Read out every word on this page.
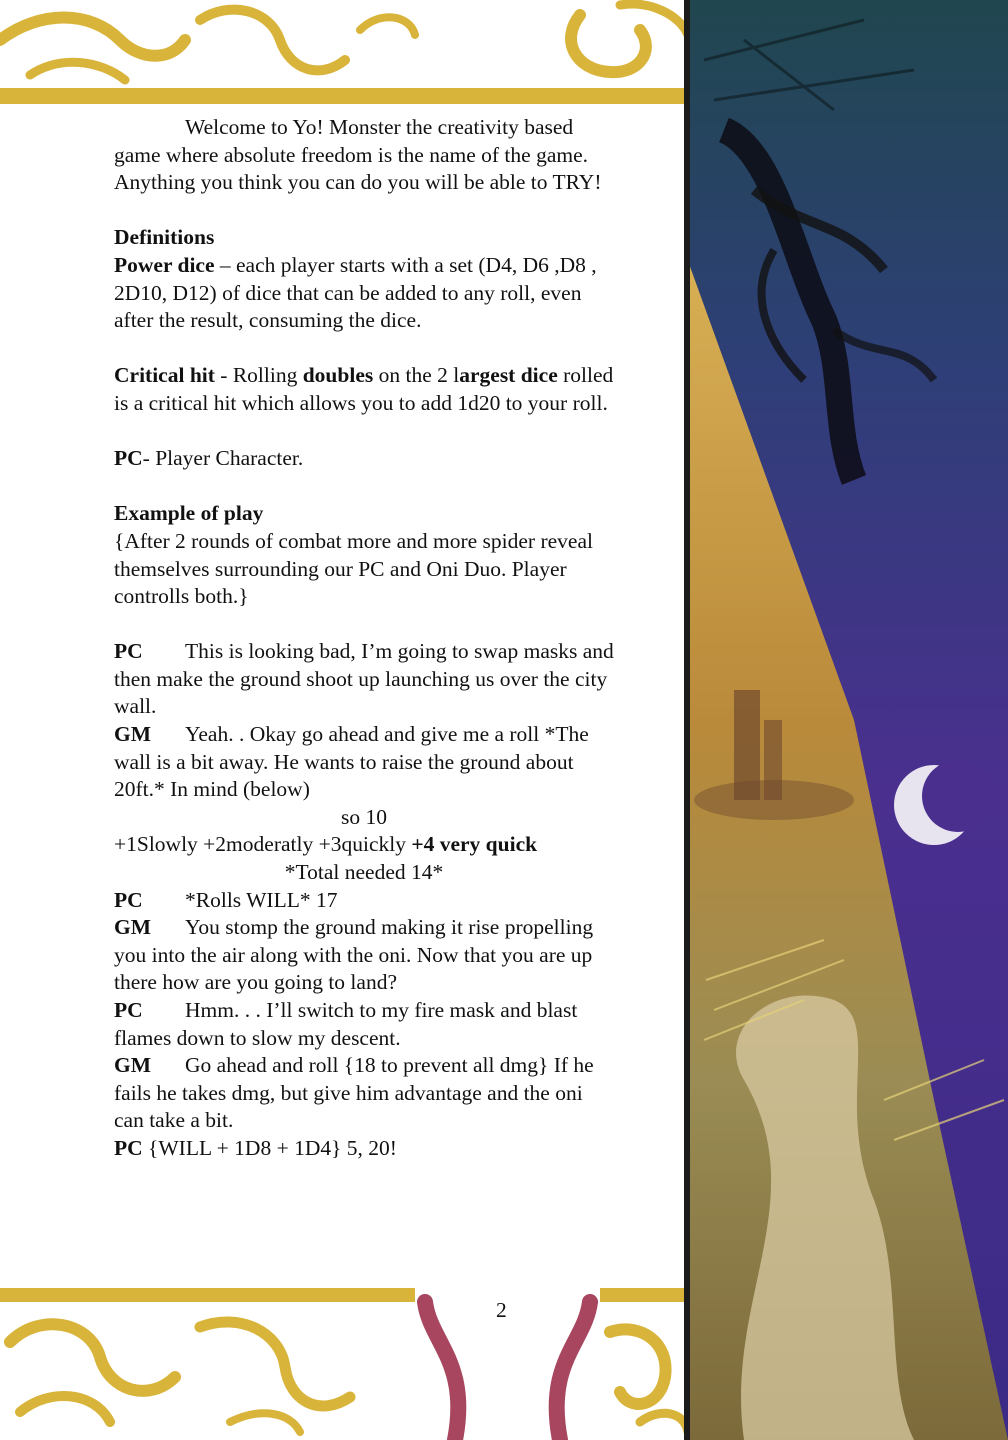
Welcome to Yo! Monster the creativity based game where absolute freedom is the name of the game. Anything you think you can do you will be able to TRY!

Definitions

Power dice – each player starts with a set (D4, D6 ,D8 , 2D10, D12) of dice that can be added to any roll, even after the result, consuming the dice.

Critical hit - Rolling doubles on the 2 largest dice rolled is a critical hit which allows you to add 1d20 to your roll.

PC- Player Character.

Example of play

{After 2 rounds of combat more and more spider reveal themselves surrounding our PC and Oni Duo. Player controlls both.}

PC This is looking bad, I’m going to swap masks and then make the ground shoot up launching us over the city wall.

GM Yeah. . Okay go ahead and give me a roll *The wall is a bit away. He wants to raise the ground about 20ft.* In mind (below)

so 10

+1Slowly +2moderatly +3quickly +4 very quick

*Total needed 14*

PC *Rolls WILL* 17

GM You stomp the ground making it rise propelling you into the air along with the oni. Now that you are up there how are you going to land?

PC Hmm. . . I’ll switch to my fire mask and blast flames down to slow my descent.

GM Go ahead and roll {18 to prevent all dmg} If he fails he takes dmg, but give him advantage and the oni can take a bit.

PC {WILL + 1D8 + 1D4} 5, 20!

2
